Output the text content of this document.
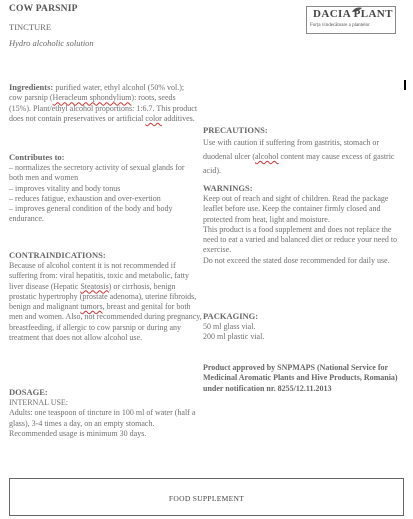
COW PARSNIP
TINCTURE
Hydro alcoholic solution
DACIA PLANT
Forța vindecătoare a plantelor
Ingredients: purified water, ethyl alcohol (50% vol.); cow parsnip (Heracleum sphondylium): roots, seeds (15%). Plant/ethyl alcohol proportions: 1:6.7. This product does not contain preservatives or artificial color additives.
Contributes to:
– normalizes the secretory activity of sexual glands for both men and women
– improves vitality and body tonus
– reduces fatigue, exhaustion and over-exertion
– improves general condition of the body and body endurance.
CONTRAINDICATIONS:
Because of alcohol content it is not recommended if suffering from: viral hepatitis, toxic and metabolic, fatty liver disease (Hepatic Steatosis) or cirrhosis, benign prostatic hypertrophy (prostate adenoma), uterine fibroids, benign and malignant tumors, breast and genital for both men and women. Also, not recommended during pregnancy, breastfeeding, if allergic to cow parsnip or during any treatment that does not allow alcohol use.
DOSAGE:
INTERNAL USE:
Adults: one teaspoon of tincture in 100 ml of water (half a glass), 3-4 times a day, on an empty stomach.
Recommended usage is minimum 30 days.
PRECAUTIONS:
Use with caution if suffering from gastritis, stomach or duodenal ulcer (alcohol content may cause excess of gastric acid).
WARNINGS:
Keep out of reach and sight of children. Read the package leaflet before use. Keep the container firmly closed and protected from heat, light and moisture.
This product is a food supplement and does not replace the need to eat a varied and balanced diet or reduce your need to exercise.
Do not exceed the stated dose recommended for daily use.
PACKAGING:
50 ml glass vial.
200 ml plastic vial.
Product approved by SNPMAPS (National Service for Medicinal Aromatic Plants and Hive Products, Romania) under notification nr. 8255/12.11.2013
FOOD SUPPLEMENT
